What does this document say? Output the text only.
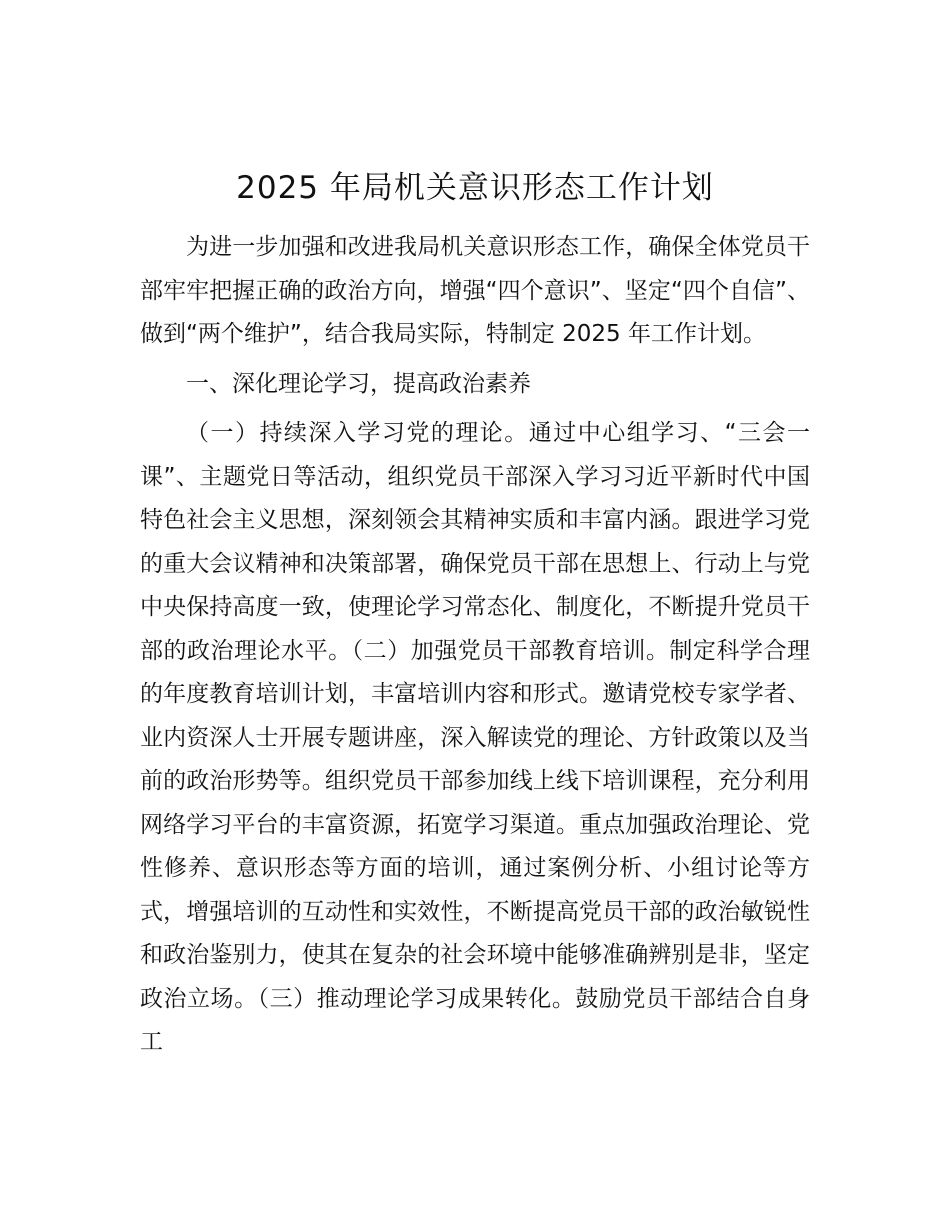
2025 年局机关意识形态工作计划

为进一步加强和改进我局机关意识形态工作，确保全体党员干部牢牢把握正确的政治方向，增强“四个意识”、坚定“四个自信”、做到“两个维护”，结合我局实际，特制定 2025 年工作计划。

一、深化理论学习，提高政治素养

（一）持续深入学习党的理论。通过中心组学习、“三会一课”、主题党日等活动，组织党员干部深入学习习近平新时代中国特色社会主义思想，深刻领会其精神实质和丰富内涵。跟进学习党的重大会议精神和决策部署，确保党员干部在思想上、行动上与党中央保持高度一致，使理论学习常态化、制度化，不断提升党员干部的政治理论水平。（二）加强党员干部教育培训。制定科学合理的年度教育培训计划，丰富培训内容和形式。邀请党校专家学者、业内资深人士开展专题讲座，深入解读党的理论、方针政策以及当前的政治形势等。组织党员干部参加线上线下培训课程，充分利用网络学习平台的丰富资源，拓宽学习渠道。重点加强政治理论、党性修养、意识形态等方面的培训，通过案例分析、小组讨论等方式，增强培训的互动性和实效性，不断提高党员干部的政治敏锐性和政治鉴别力，使其在复杂的社会环境中能够准确辨别是非，坚定政治立场。（三）推动理论学习成果转化。鼓励党员干部结合自身工
